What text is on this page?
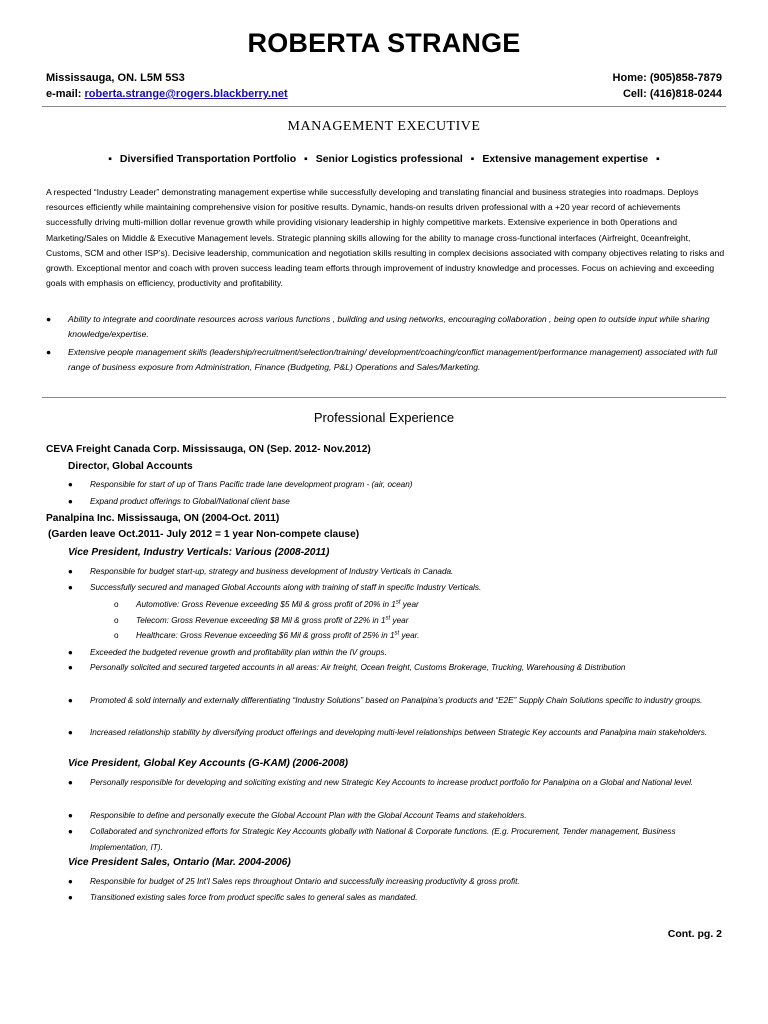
ROBERTA STRANGE
Mississauga, ON. L5M 5S3
e-mail: roberta.strange@rogers.blackberry.net
Home: (905)858-7879
Cell: (416)818-0244
MANAGEMENT EXECUTIVE
▪ Diversified Transportation Portfolio ▪ Senior Logistics professional ▪ Extensive management expertise ▪
A respected “Industry Leader” demonstrating management expertise while successfully developing and translating financial and business strategies into roadmaps. Deploys resources efficiently while maintaining comprehensive vision for positive results. Dynamic, hands-on results driven professional with a +20 year record of achievements successfully driving multi-million dollar revenue growth while providing visionary leadership in highly competitive markets. Extensive experience in both 0perations and Marketing/Sales on Middle & Executive Management levels. Strategic planning skills allowing for the ability to manage cross-functional interfaces (Airfreight, 0ceanfreight, Customs, SCM and other ISP’s). Decisive leadership, communication and negotiation skills resulting in complex decisions associated with company objectives relating to risks and growth. Exceptional mentor and coach with proven success leading team efforts through improvement of industry knowledge and processes. Focus on achieving and exceeding goals with emphasis on efficiency, productivity and profitability.
● Ability to integrate and coordinate resources across various functions , building and using networks, encouraging collaboration , being open to outside input while sharing knowledge/expertise.
● Extensive people management skills (leadership/recruitment/selection/training/ development/coaching/conflict management/performance management) associated with full range of business exposure from Administration, Finance (Budgeting, P&L) Operations and Sales/Marketing.
Professional Experience
CEVA Freight Canada Corp. Mississauga, ON (Sep. 2012- Nov.2012)
Director, Global Accounts
● Responsible for start of up of Trans Pacific trade lane development program - (air, ocean)
● Expand product offerings to Global/National client base
Panalpina Inc. Mississauga, ON (2004-Oct. 2011)
(Garden leave Oct.2011- July 2012 = 1 year Non-compete clause)
Vice President, Industry Verticals: Various (2008-2011)
● Responsible for budget start-up, strategy and business development of Industry Verticals in Canada.
● Successfully secured and managed Global Accounts along with training of staff in specific Industry Verticals.
o Automotive: Gross Revenue exceeding $5 Mil & gross profit of 20% in 1st year
o Telecom: Gross Revenue exceeding $8 Mil & gross profit of 22% in 1st year
o Healthcare: Gross Revenue exceeding $6 Mil & gross profit of 25% in 1st year.
● Exceeded the budgeted revenue growth and profitability plan within the IV groups.
● Personally solicited and secured targeted accounts in all areas: Air freight, Ocean freight, Customs Brokerage, Trucking, Warehousing & Distribution
● Promoted & sold internally and externally differentiating “Industry Solutions” based on Panalpina’s products and “E2E” Supply Chain Solutions specific to industry groups.
● Increased relationship stability by diversifying product offerings and developing multi-level relationships between Strategic Key accounts and Panalpina main stakeholders.
Vice President, Global Key Accounts (G-KAM) (2006-2008)
● Personally responsible for developing and soliciting existing and new Strategic Key Accounts to increase product portfolio for Panalpina on a Global and National level.
● Responsible to define and personally execute the Global Account Plan with the Global Account Teams and stakeholders.
● Collaborated and synchronized efforts for Strategic Key Accounts globally with National & Corporate functions. (E.g. Procurement, Tender management, Business Implementation, IT).
Vice President Sales, Ontario (Mar. 2004-2006)
● Responsible for budget of 25 Int’l Sales reps throughout Ontario and successfully increasing productivity & gross profit.
● Transitioned existing sales force from product specific sales to general sales as mandated.
Cont. pg. 2
